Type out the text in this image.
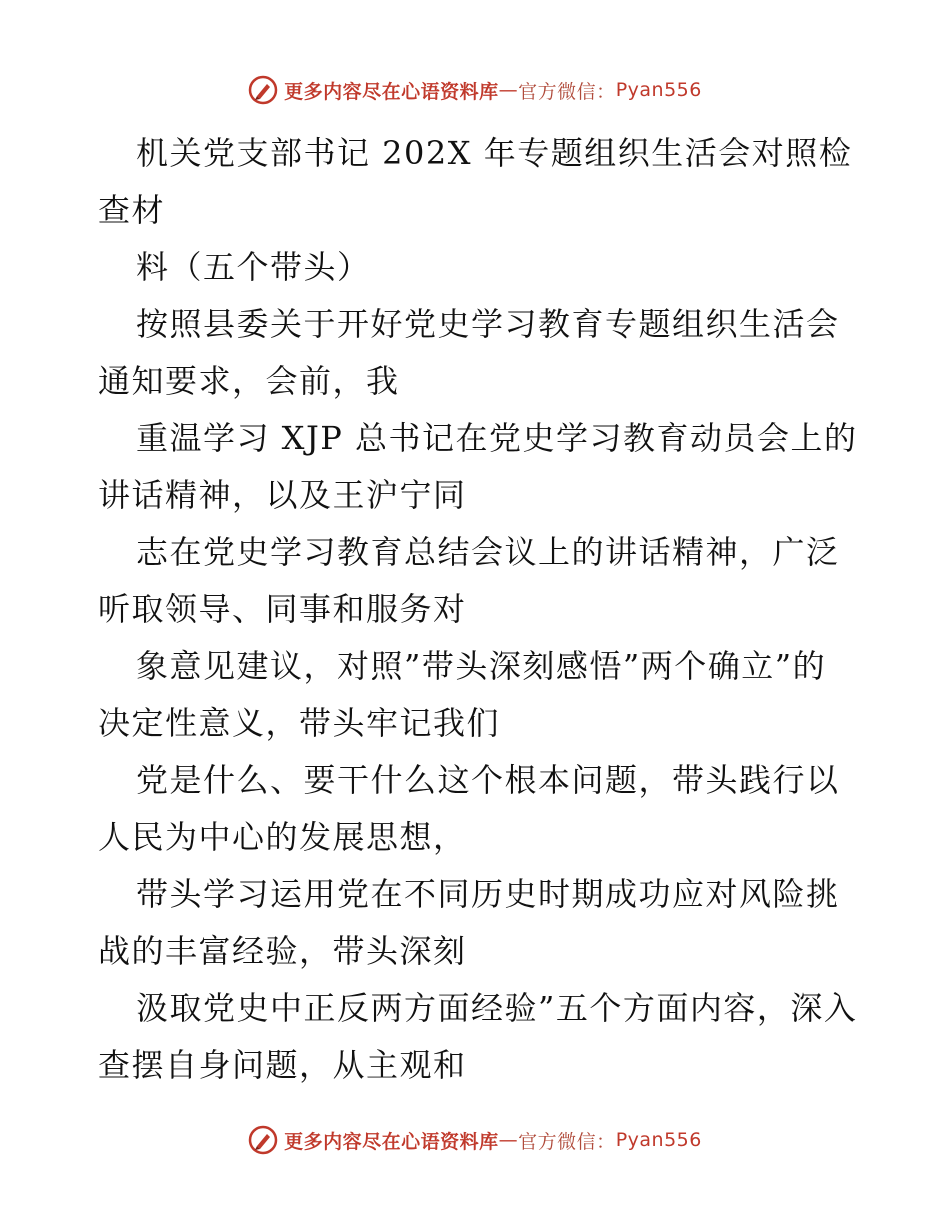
更多内容尽在心语资料库 — 官方微信： Pyan556

机关党支部书记 202X 年专题组织生活会对照检查材

料（五个带头）

按照县委关于开好党史学习教育专题组织生活会通知要求，会前，我

重温学习 XJP 总书记在党史学习教育动员会上的讲话精神，以及王沪宁同

志在党史学习教育总结会议上的讲话精神，广泛听取领导、同事和服务对

象意见建议，对照”带头深刻感悟”两个确立”的决定性意义，带头牢记我们

党是什么、要干什么这个根本问题，带头践行以人民为中心的发展思想，

带头学习运用党在不同历史时期成功应对风险挑战的丰富经验，带头深刻

汲取党史中正反两方面经验”五个方面内容，深入查摆自身问题，从主观和

更多内容尽在心语资料库 — 官方微信： Pyan556
